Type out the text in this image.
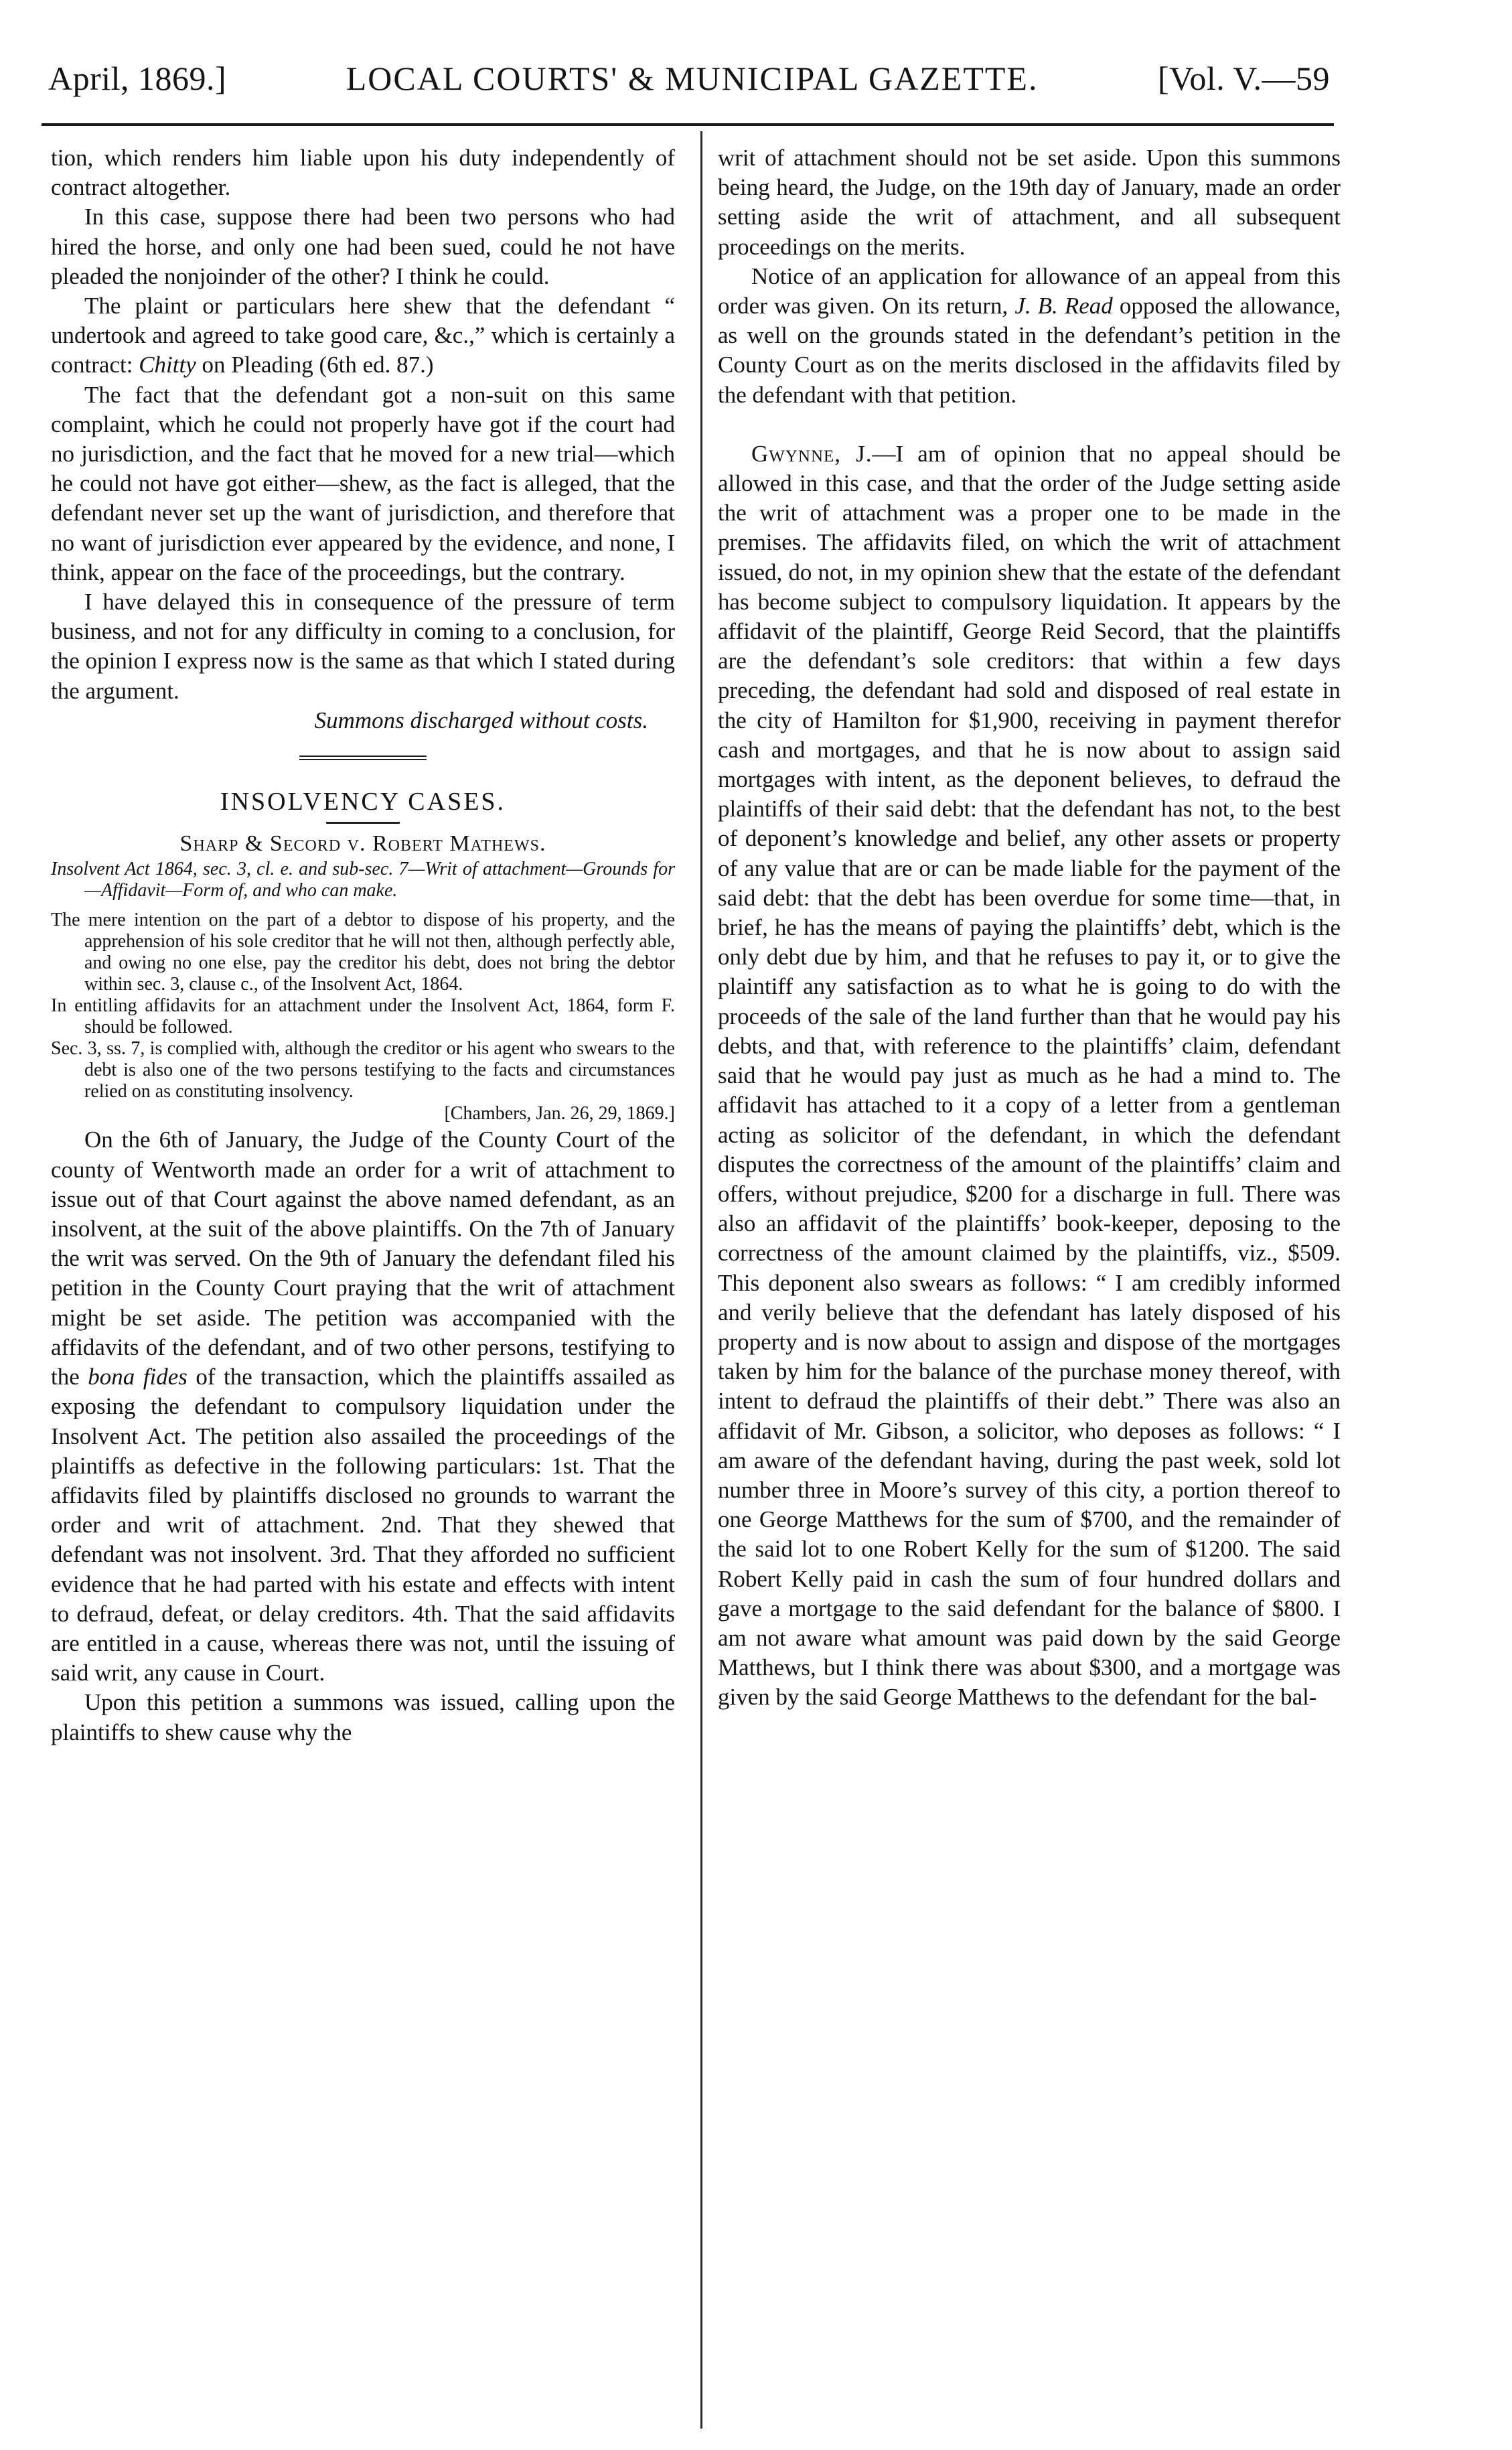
April, 1869.]	LOCAL COURTS' & MUNICIPAL GAZETTE.	[Vol. V.—59

tion, which renders him liable upon his duty independently of contract altogether.

In this case, suppose there had been two persons who had hired the horse, and only one had been sued, could he not have pleaded the nonjoinder of the other? I think he could.

The plaint or particulars here shew that the defendant “ undertook and agreed to take good care, &c.,” which is certainly a contract: Chitty on Pleading (6th ed. 87.)

The fact that the defendant got a non-suit on this same complaint, which he could not properly have got if the court had no jurisdiction, and the fact that he moved for a new trial—which he could not have got either—shew, as the fact is alleged, that the defendant never set up the want of jurisdiction, and therefore that no want of jurisdiction ever appeared by the evidence, and none, I think, appear on the face of the proceedings, but the contrary.

I have delayed this in consequence of the pressure of term business, and not for any difficulty in coming to a conclusion, for the opinion I express now is the same as that which I stated during the argument.

Summons discharged without costs.

INSOLVENCY CASES.

Sharp & Secord v. Robert Mathews.

Insolvent Act 1864, sec. 3, cl. e. and sub-sec. 7—Writ of attachment—Grounds for—Affidavit—Form of, and who can make.

The mere intention on the part of a debtor to dispose of his property, and the apprehension of his sole creditor that he will not then, although perfectly able, and owing no one else, pay the creditor his debt, does not bring the debtor within sec. 3, clause c., of the Insolvent Act, 1864.

In entitling affidavits for an attachment under the Insolvent Act, 1864, form F. should be followed.

Sec. 3, ss. 7, is complied with, although the creditor or his agent who swears to the debt is also one of the two persons testifying to the facts and circumstances relied on as constituting insolvency.

[Chambers, Jan. 26, 29, 1869.]

On the 6th of January, the Judge of the County Court of the county of Wentworth made an order for a writ of attachment to issue out of that Court against the above named defendant, as an insolvent, at the suit of the above plaintiffs. On the 7th of January the writ was served. On the 9th of January the defendant filed his petition in the County Court praying that the writ of attachment might be set aside. The petition was accompanied with the affidavits of the defendant, and of two other persons, testifying to the bona fides of the transaction, which the plaintiffs assailed as exposing the defendant to compulsory liquidation under the Insolvent Act. The petition also assailed the proceedings of the plaintiffs as defective in the following particulars: 1st. That the affidavits filed by plaintiffs disclosed no grounds to warrant the order and writ of attachment. 2nd. That they shewed that defendant was not insolvent. 3rd. That they afforded no sufficient evidence that he had parted with his estate and effects with intent to defraud, defeat, or delay creditors. 4th. That the said affidavits are entitled in a cause, whereas there was not, until the issuing of said writ, any cause in Court.

Upon this petition a summons was issued, calling upon the plaintiffs to shew cause why the

writ of attachment should not be set aside. Upon this summons being heard, the Judge, on the 19th day of January, made an order setting aside the writ of attachment, and all subsequent proceedings on the merits.

Notice of an application for allowance of an appeal from this order was given. On its return, J. B. Read opposed the allowance, as well on the grounds stated in the defendant’s petition in the County Court as on the merits disclosed in the affidavits filed by the defendant with that petition.

Gwynne, J.—I am of opinion that no appeal should be allowed in this case, and that the order of the Judge setting aside the writ of attachment was a proper one to be made in the premises. The affidavits filed, on which the writ of attachment issued, do not, in my opinion shew that the estate of the defendant has become subject to compulsory liquidation. It appears by the affidavit of the plaintiff, George Reid Secord, that the plaintiffs are the defendant’s sole creditors: that within a few days preceding, the defendant had sold and disposed of real estate in the city of Hamilton for $1,900, receiving in payment therefor cash and mortgages, and that he is now about to assign said mortgages with intent, as the deponent believes, to defraud the plaintiffs of their said debt: that the defendant has not, to the best of deponent’s knowledge and belief, any other assets or property of any value that are or can be made liable for the payment of the said debt: that the debt has been overdue for some time—that, in brief, he has the means of paying the plaintiffs’ debt, which is the only debt due by him, and that he refuses to pay it, or to give the plaintiff any satisfaction as to what he is going to do with the proceeds of the sale of the land further than that he would pay his debts, and that, with reference to the plaintiffs’ claim, defendant said that he would pay just as much as he had a mind to. The affidavit has attached to it a copy of a letter from a gentleman acting as solicitor of the defendant, in which the defendant disputes the correctness of the amount of the plaintiffs’ claim and offers, without prejudice, $200 for a discharge in full. There was also an affidavit of the plaintiffs’ book-keeper, deposing to the correctness of the amount claimed by the plaintiffs, viz., $509. This deponent also swears as follows: “ I am credibly informed and verily believe that the defendant has lately disposed of his property and is now about to assign and dispose of the mortgages taken by him for the balance of the purchase money thereof, with intent to defraud the plaintiffs of their debt.” There was also an affidavit of Mr. Gibson, a solicitor, who deposes as follows: “ I am aware of the defendant having, during the past week, sold lot number three in Moore’s survey of this city, a portion thereof to one George Matthews for the sum of $700, and the remainder of the said lot to one Robert Kelly for the sum of $1200. The said Robert Kelly paid in cash the sum of four hundred dollars and gave a mortgage to the said defendant for the balance of $800. I am not aware what amount was paid down by the said George Matthews, but I think there was about $300, and a mortgage was given by the said George Matthews to the defendant for the bal-
